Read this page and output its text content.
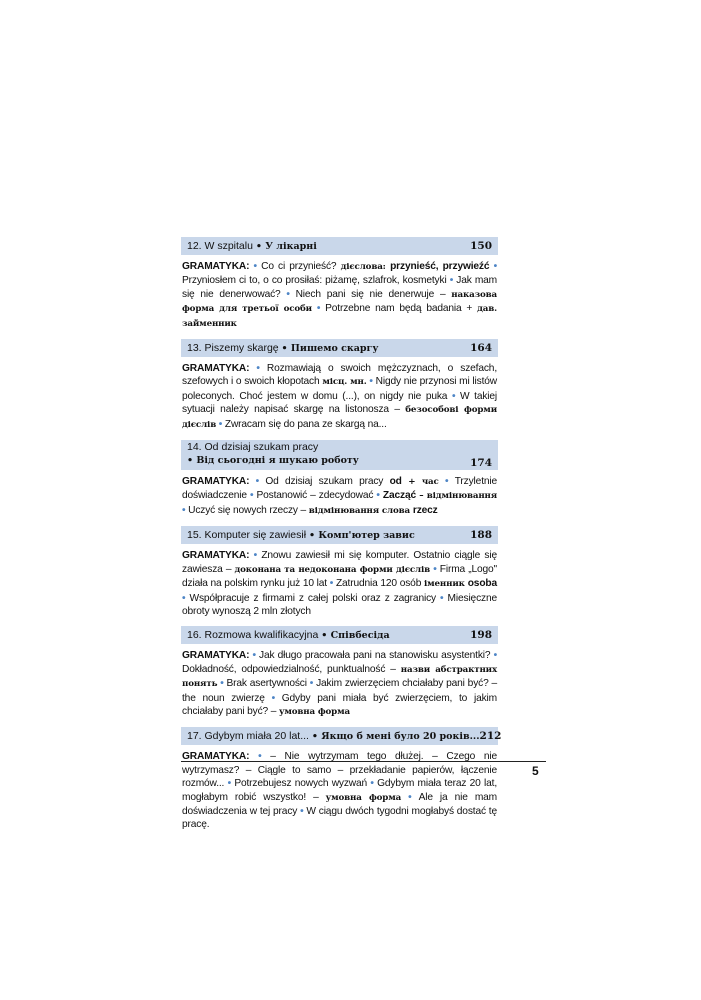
12. W szpitalu • У лікарні	150
GRAMATYKA: • Co ci przynieść? дієслова: przynieść, przywieźć • Przyniosłem ci to, o co prosiłaś: piżamę, szlafrok, kosmetyki • Jak mam się nie denerwować? • Niech pani się nie denerwuje – наказова форма для третьої особи • Potrzebne nam będą badania + дав. займенник
13. Piszemy skargę • Пишемо скаргу	164
GRAMATYKA: • Rozmawiają o swoich mężczyznach, o szefach, szefowych i o swoich kłopotach місц. мн. • Nigdy nie przynosi mi listów poleconych. Choć jestem w domu (...), on nigdy nie puka • W takiej sytuacji należy napisać skargę na listonosza – безособові форми дієслів • Zwracam się do pana ze skargą na...
14. Od dzisiaj szukam pracy
• Від сьогодні я шукаю роботу	174
GRAMATYKA: • Od dzisiaj szukam pracy od + час • Trzyletnie doświadczenie • Postanowić – zdecydować • Zacząć – відмінювання • Uczyć się nowych rzeczy – відмінювання слова rzecz
15. Komputer się zawiesił • Комп'ютер завис	188
GRAMATYKA: • Znowu zawiesił mi się komputer. Ostatnio ciągle się zawiesza – доконана та недоконана форми дієслів • Firma „Logo" działa na polskim rynku już 10 lat • Zatrudnia 120 osób іменник osoba • Współpracuje z firmami z całej polski oraz z zagranicy • Miesięczne obroty wynoszą 2 mln złotych
16. Rozmowa kwalifikacyjna • Співбесіда	198
GRAMATYKA: • Jak długo pracowała pani na stanowisku asystentki? • Dokładność, odpowiedzialność, punktualność – назви абстрактних понять • Brak asertywności • Jakim zwierzęciem chciałaby pani być? – the noun zwierzę • Gdyby pani miała być zwierzęciem, to jakim chciałaby pani być? – умовна форма
17. Gdybym miała 20 lat... • Якщо б мені було 20 років... 212
GRAMATYKA: • – Nie wytrzymam tego dłużej. – Czego nie wytrzymasz? – Ciągle to samo – przekładanie papierów, łączenie rozmów... • Potrzebujesz nowych wyzwań • Gdybym miała teraz 20 lat, mogłabym robić wszystko! – умовна форма • Ale ja nie mam doświadczenia w tej pracy • W ciągu dwóch tygodni mogłabyś dostać tę pracę.
5
